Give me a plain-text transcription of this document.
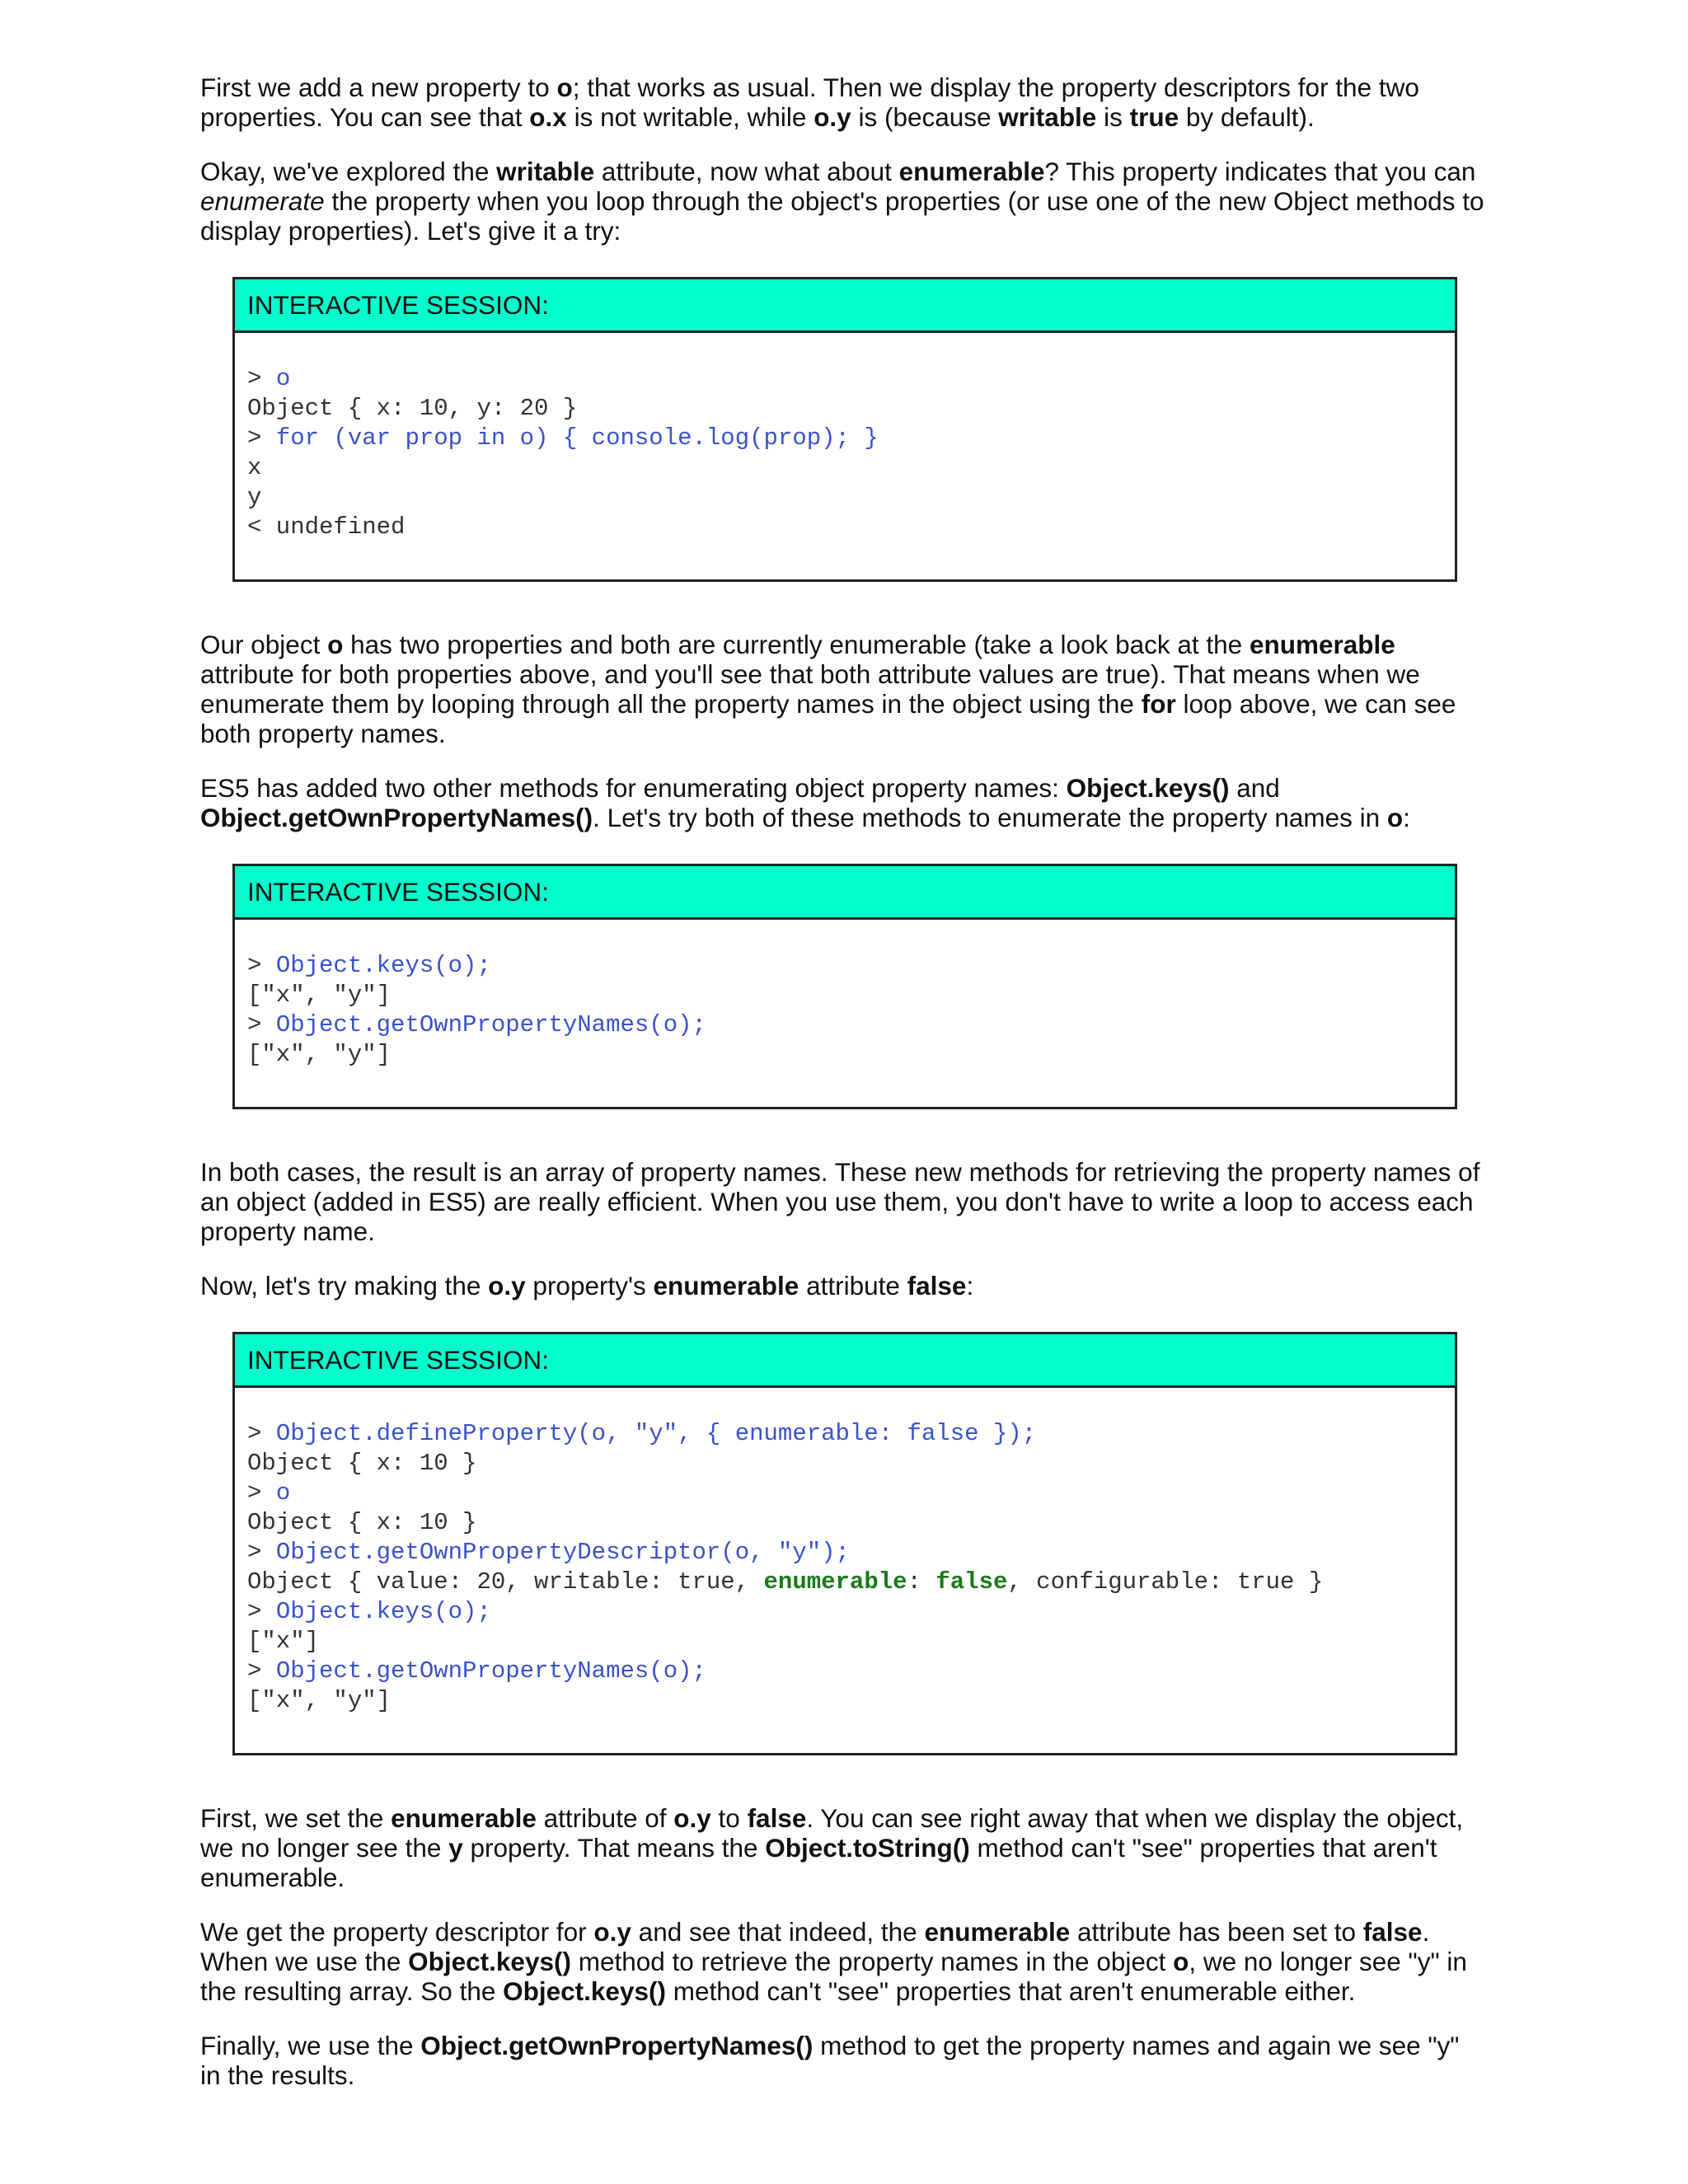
First we add a new property to o; that works as usual. Then we display the property descriptors for the two properties. You can see that o.x is not writable, while o.y is (because writable is true by default).

Okay, we've explored the writable attribute, now what about enumerable? This property indicates that you can enumerate the property when you loop through the object's properties (or use one of the new Object methods to display properties). Let's give it a try:

INTERACTIVE SESSION:
> o
Object { x: 10, y: 20 }
> for (var prop in o) { console.log(prop); }
x
y
< undefined

Our object o has two properties and both are currently enumerable (take a look back at the enumerable attribute for both properties above, and you'll see that both attribute values are true). That means when we enumerate them by looping through all the property names in the object using the for loop above, we can see both property names.

ES5 has added two other methods for enumerating object property names: Object.keys() and Object.getOwnPropertyNames(). Let's try both of these methods to enumerate the property names in o:

INTERACTIVE SESSION:
> Object.keys(o);
["x", "y"]
> Object.getOwnPropertyNames(o);
["x", "y"]

In both cases, the result is an array of property names. These new methods for retrieving the property names of an object (added in ES5) are really efficient. When you use them, you don't have to write a loop to access each property name.

Now, let's try making the o.y property's enumerable attribute false:

INTERACTIVE SESSION:
> Object.defineProperty(o, "y", { enumerable: false });
Object { x: 10 }
> o
Object { x: 10 }
> Object.getOwnPropertyDescriptor(o, "y");
Object { value: 20, writable: true, enumerable: false, configurable: true }
> Object.keys(o);
["x"]
> Object.getOwnPropertyNames(o);
["x", "y"]

First, we set the enumerable attribute of o.y to false. You can see right away that when we display the object, we no longer see the y property. That means the Object.toString() method can't "see" properties that aren't enumerable.

We get the property descriptor for o.y and see that indeed, the enumerable attribute has been set to false. When we use the Object.keys() method to retrieve the property names in the object o, we no longer see "y" in the resulting array. So the Object.keys() method can't "see" properties that aren't enumerable either.

Finally, we use the Object.getOwnPropertyNames() method to get the property names and again we see "y" in the results.
